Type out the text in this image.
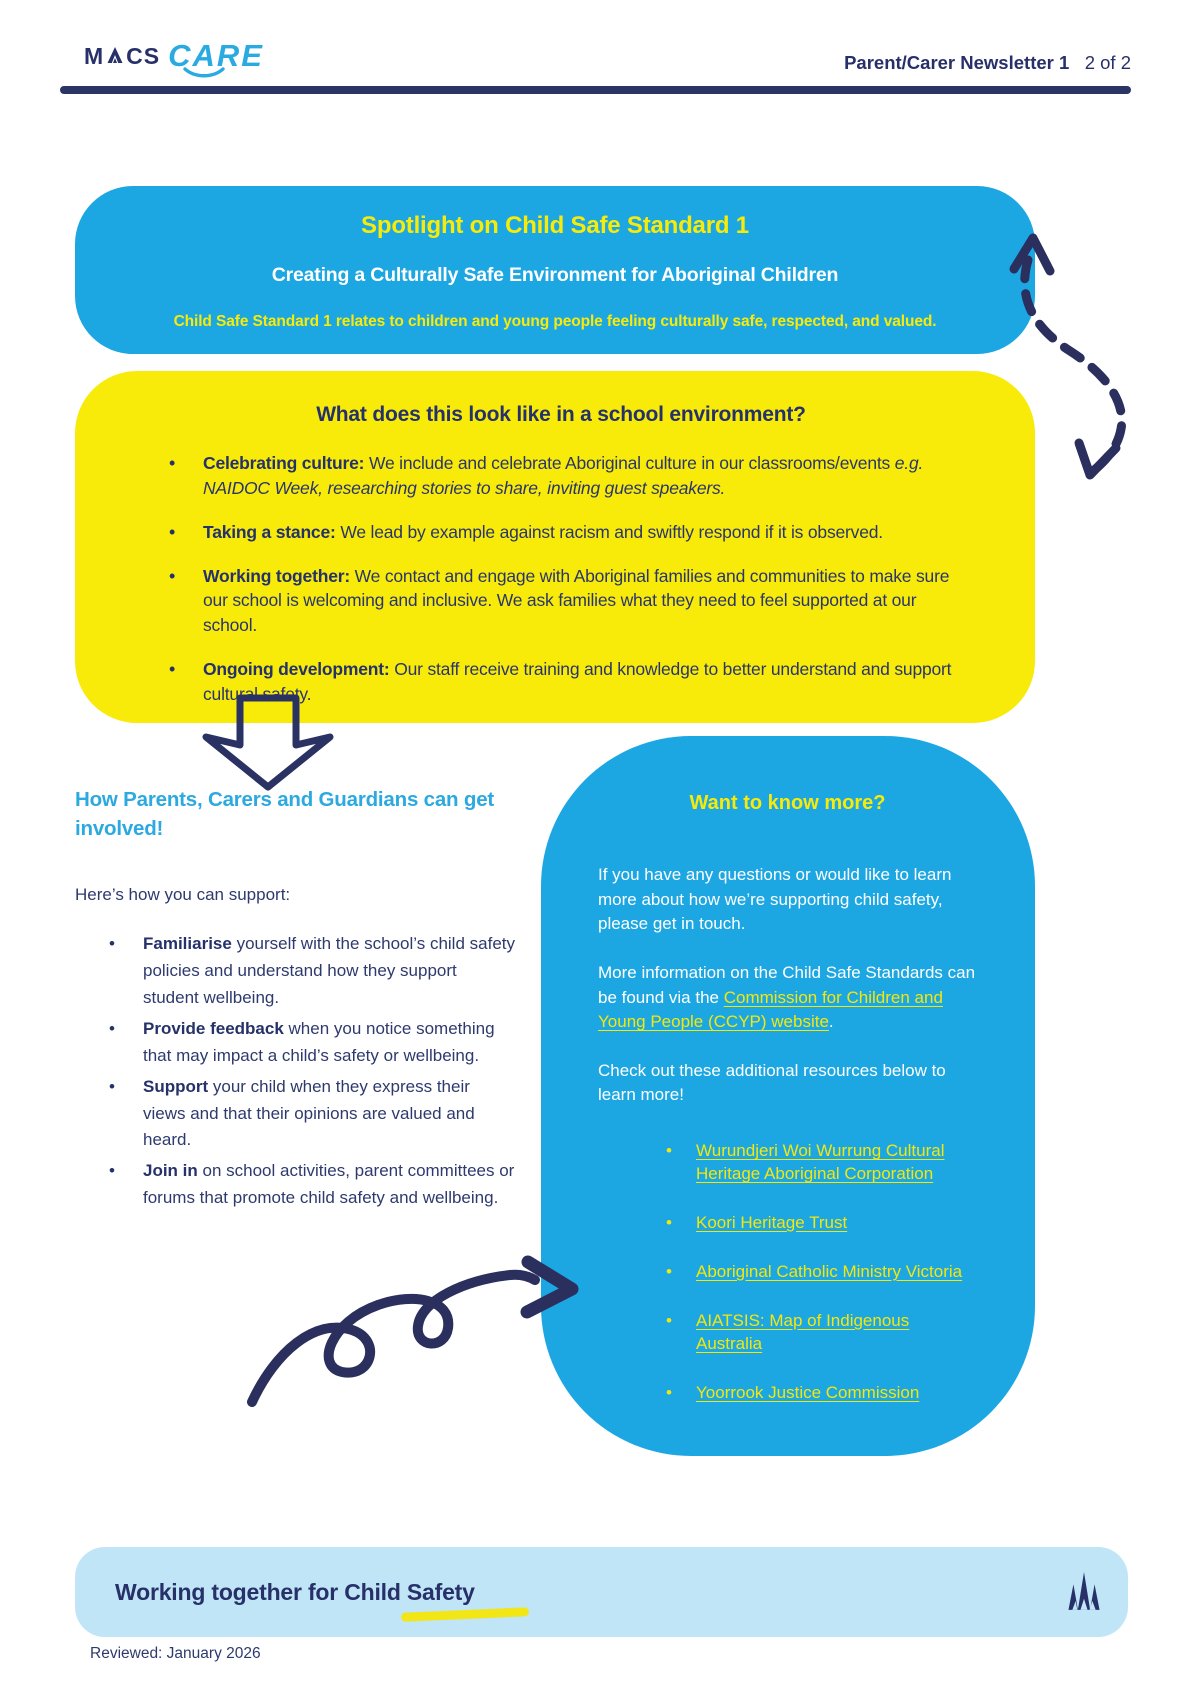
M CS CARE	Parent/Carer Newsletter 1 2 of 2
Spotlight on Child Safe Standard 1
Creating a Culturally Safe Environment for Aboriginal Children
Child Safe Standard 1 relates to children and young people feeling culturally safe, respected, and valued.
What does this look like in a school environment?
• Celebrating culture: We include and celebrate Aboriginal culture in our classrooms/events e.g. NAIDOC Week, researching stories to share, inviting guest speakers.
• Taking a stance: We lead by example against racism and swiftly respond if it is observed.
• Working together: We contact and engage with Aboriginal families and communities to make sure our school is welcoming and inclusive. We ask families what they need to feel supported at our school.
• Ongoing development: Our staff receive training and knowledge to better understand and support cultural safety.
How Parents, Carers and Guardians can get involved!
Here’s how you can support:
• Familiarise yourself with the school’s child safety policies and understand how they support student wellbeing.
• Provide feedback when you notice something that may impact a child’s safety or wellbeing.
• Support your child when they express their views and that their opinions are valued and heard.
• Join in on school activities, parent committees or forums that promote child safety and wellbeing.
Want to know more?

If you have any questions or would like to learn more about how we’re supporting child safety, please get in touch.

More information on the Child Safe Standards can be found via the Commission for Children and Young People (CCYP) website.

Check out these additional resources below to learn more!

• Wurundjeri Woi Wurrung Cultural Heritage Aboriginal Corporation
• Koori Heritage Trust
• Aboriginal Catholic Ministry Victoria
• AIATSIS: Map of Indigenous Australia
• Yoorrook Justice Commission
Working together for Child Safety
Reviewed: January 2026
